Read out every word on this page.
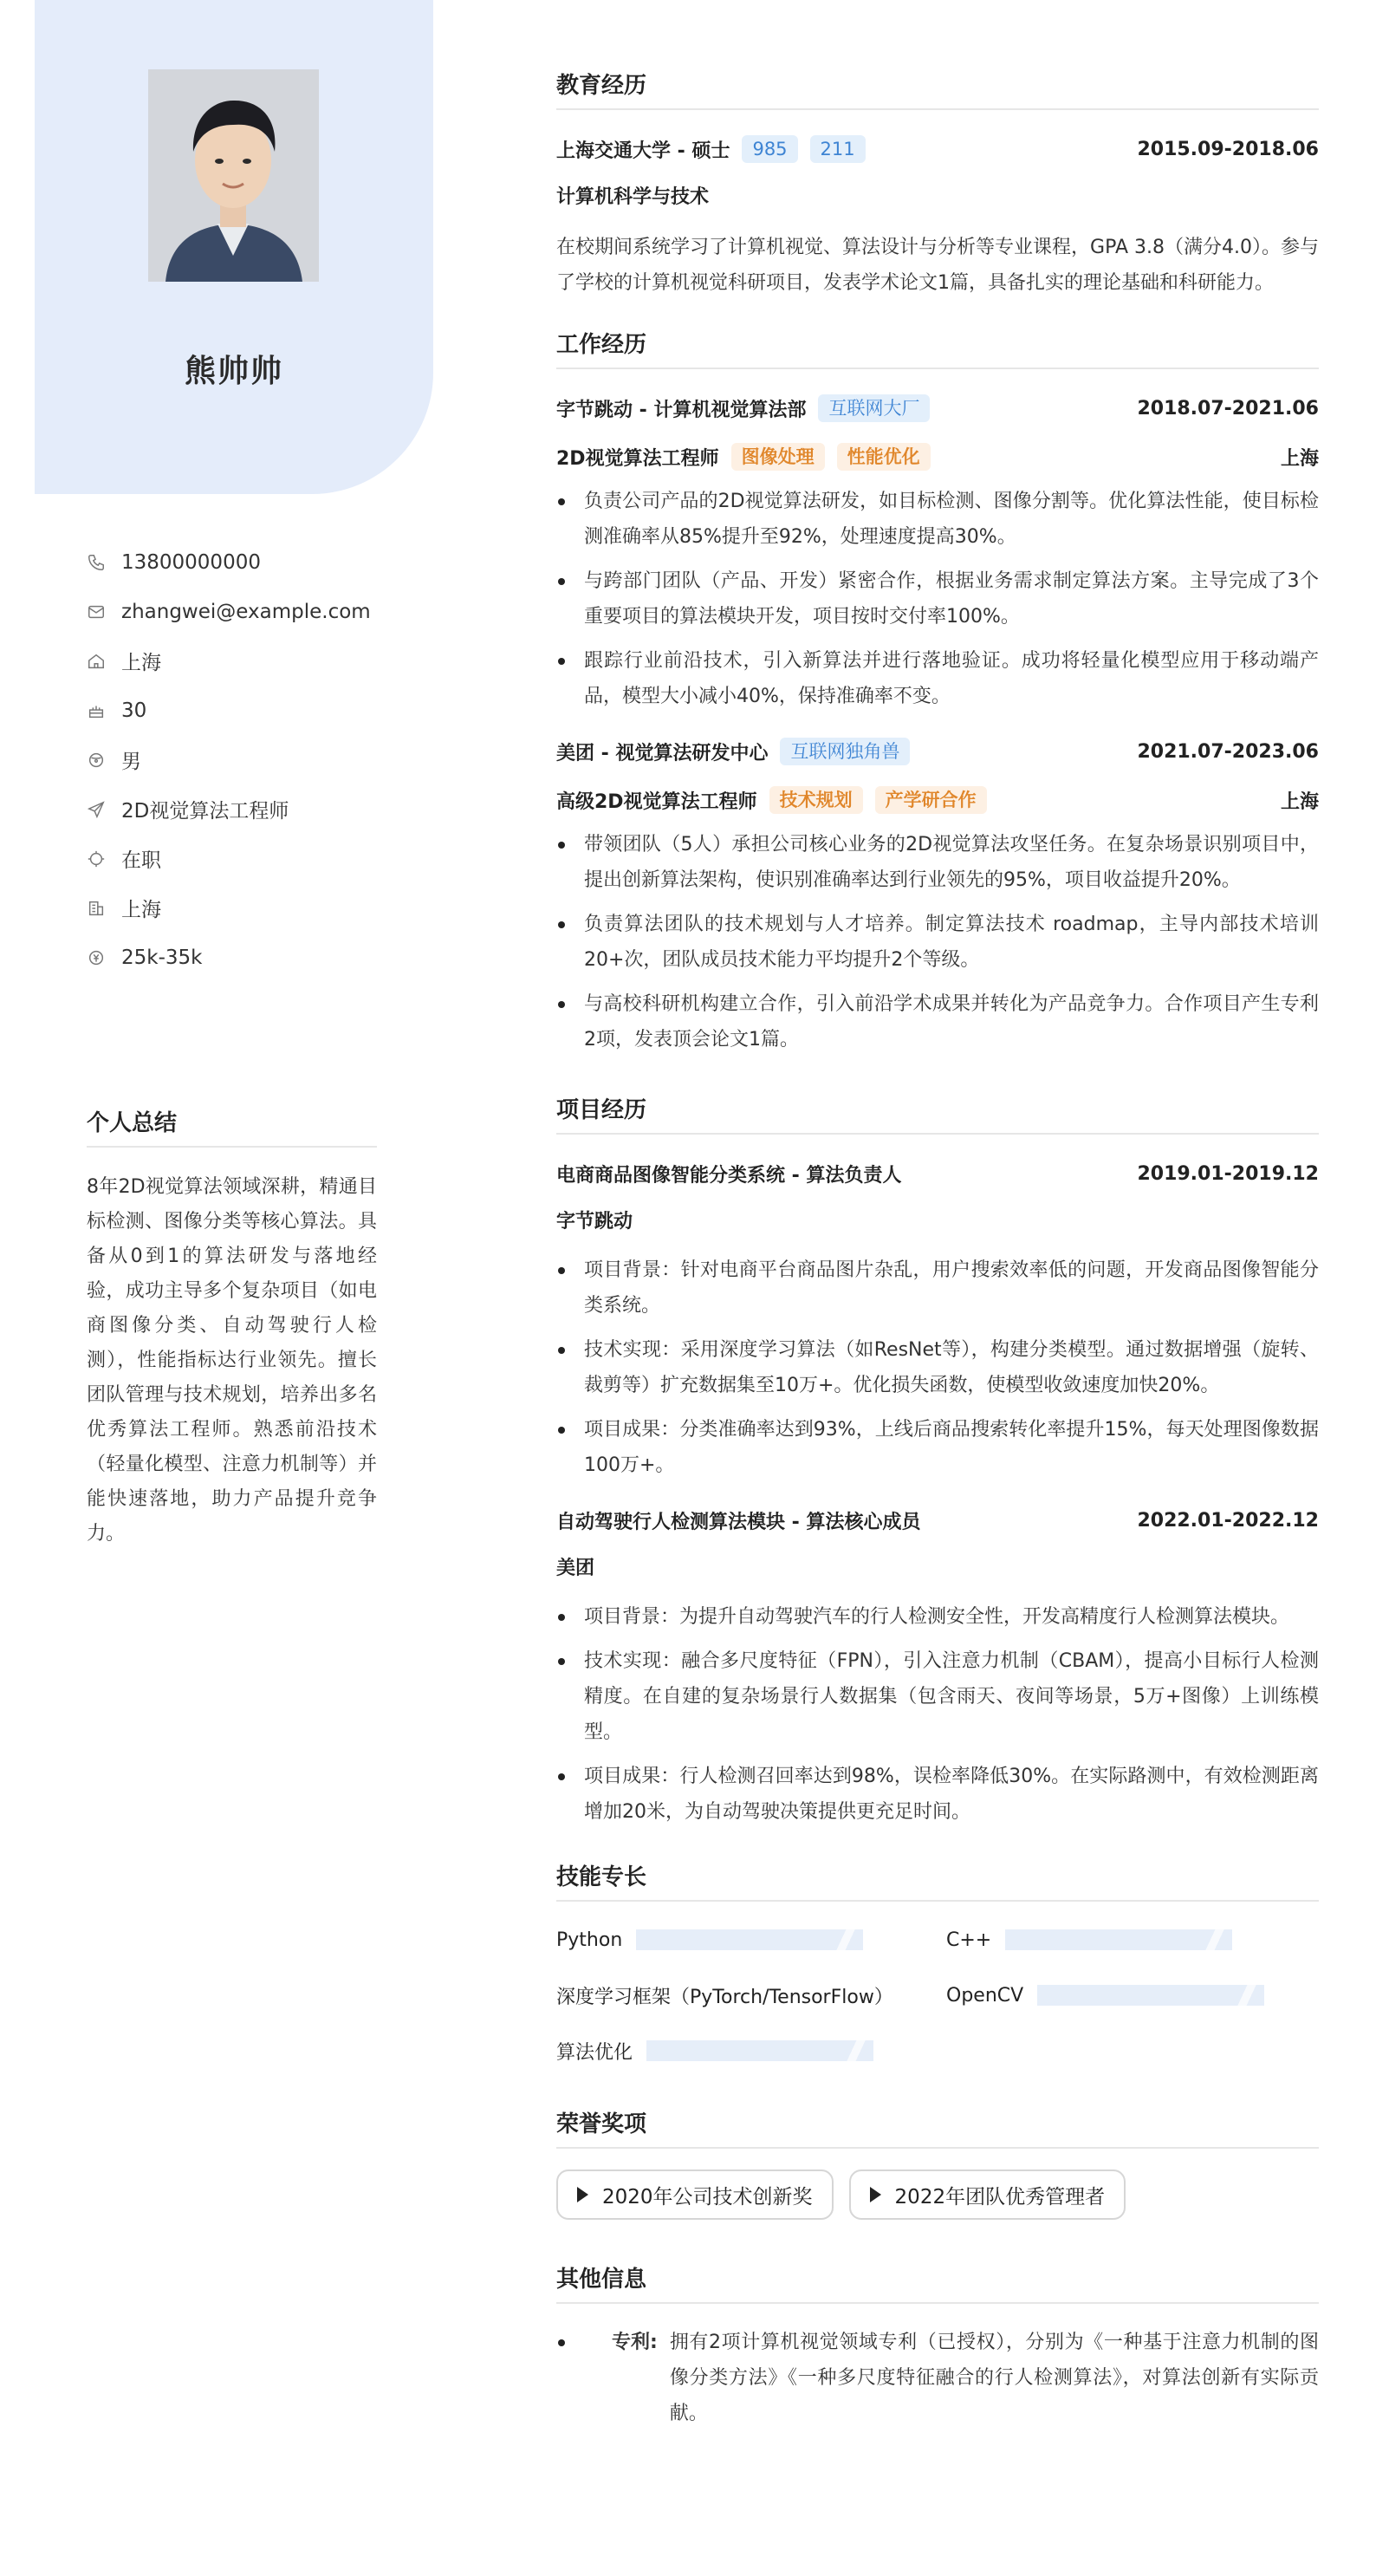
熊帅帅
13800000000
zhangwei@example.com
上海
30
男
2D视觉算法工程师
在职
上海
25k-35k
个人总结
8年2D视觉算法领域深耕，精通目标检测、图像分类等核心算法。具备从0到1的算法研发与落地经验，成功主导多个复杂项目（如电商图像分类、自动驾驶行人检测），性能指标达行业领先。擅长团队管理与技术规划，培养出多名优秀算法工程师。熟悉前沿技术（轻量化模型、注意力机制等）并能快速落地，助力产品提升竞争力。
教育经历
上海交通大学 - 硕士	985	211	2015.09-2018.06
计算机科学与技术
在校期间系统学习了计算机视觉、算法设计与分析等专业课程，GPA 3.8（满分4.0）。参与了学校的计算机视觉科研项目，发表学术论文1篇，具备扎实的理论基础和科研能力。
工作经历
字节跳动 - 计算机视觉算法部	互联网大厂	2018.07-2021.06
2D视觉算法工程师	图像处理	性能优化	上海
负责公司产品的2D视觉算法研发，如目标检测、图像分割等。优化算法性能，使目标检测准确率从85%提升至92%，处理速度提高30%。
与跨部门团队（产品、开发）紧密合作，根据业务需求制定算法方案。主导完成了3个重要项目的算法模块开发，项目按时交付率100%。
跟踪行业前沿技术，引入新算法并进行落地验证。成功将轻量化模型应用于移动端产品，模型大小减小40%，保持准确率不变。
美团 - 视觉算法研发中心	互联网独角兽	2021.07-2023.06
高级2D视觉算法工程师	技术规划	产学研合作	上海
带领团队（5人）承担公司核心业务的2D视觉算法攻坚任务。在复杂场景识别项目中，提出创新算法架构，使识别准确率达到行业领先的95%，项目收益提升20%。
负责算法团队的技术规划与人才培养。制定算法技术 roadmap，主导内部技术培训20+次，团队成员技术能力平均提升2个等级。
与高校科研机构建立合作，引入前沿学术成果并转化为产品竞争力。合作项目产生专利2项，发表顶会论文1篇。
项目经历
电商商品图像智能分类系统 - 算法负责人	2019.01-2019.12
字节跳动
项目背景：针对电商平台商品图片杂乱，用户搜索效率低的问题，开发商品图像智能分类系统。
技术实现：采用深度学习算法（如ResNet等），构建分类模型。通过数据增强（旋转、裁剪等）扩充数据集至10万+。优化损失函数，使模型收敛速度加快20%。
项目成果：分类准确率达到93%，上线后商品搜索转化率提升15%，每天处理图像数据100万+。
自动驾驶行人检测算法模块 - 算法核心成员	2022.01-2022.12
美团
项目背景：为提升自动驾驶汽车的行人检测安全性，开发高精度行人检测算法模块。
技术实现：融合多尺度特征（FPN），引入注意力机制（CBAM），提高小目标行人检测精度。在自建的复杂场景行人数据集（包含雨天、夜间等场景，5万+图像）上训练模型。
项目成果：行人检测召回率达到98%，误检率降低30%。在实际路测中，有效检测距离增加20米，为自动驾驶决策提供更充足时间。
技能专长
Python	C++
深度学习框架（PyTorch/TensorFlow）	OpenCV
算法优化
荣誉奖项
2020年公司技术创新奖	2022年团队优秀管理者
其他信息
专利: 拥有2项计算机视觉领域专利（已授权），分别为《一种基于注意力机制的图像分类方法》《一种多尺度特征融合的行人检测算法》，对算法创新有实际贡献。
